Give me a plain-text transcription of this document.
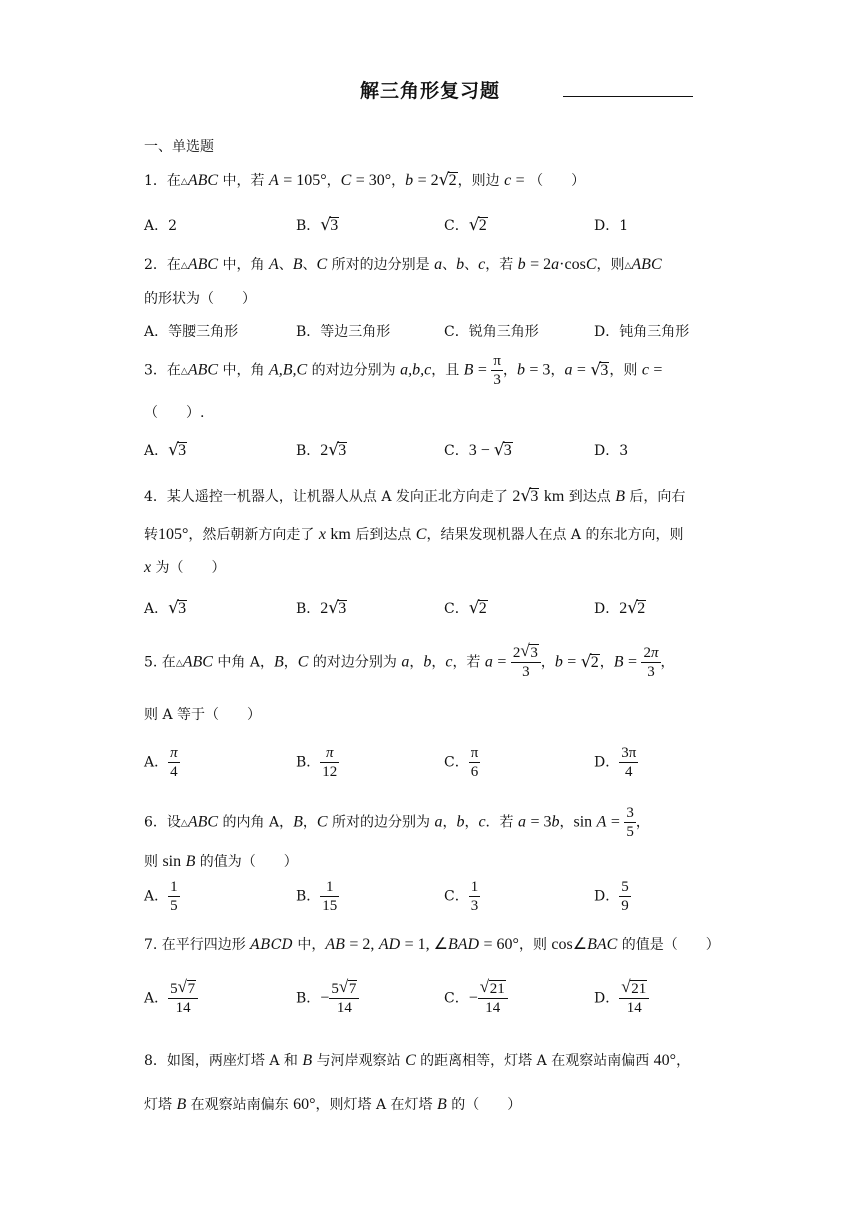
解三角形复习题
一、单选题
1．在△ABC 中，若 A = 105°，C = 30°，b = 2 √ 2，则边 c = （　　）
A．2	B． √ 3	C． √ 2	D．1
2．在△ABC 中，角 A、B、C 所对的边分别是 a、b、c，若 b = 2a·cosC，则△ABC
的形状为（　　）
A．等腰三角形	B．等边三角形	C．锐角三角形	D．钝角三角形
3．在△ABC 中，角 A,B,C 的对边分别为 a,b,c，且 $B = \frac{\pi}{3}$ ，b = 3，a = √ 3，则 c =
（　　）.
A． √ 3	B．2 √ 3	C．3 − √ 3	D．3
4．某人遥控一机器人，让机器人从点 A 发向正北方向走了 2 √ 3 km 到达点 B 后，向右
转105°，然后朝新方向走了 x km 后到达点 C，结果发现机器人在点 A 的东北方向，则
x 为（　　）
A． √ 3	B．2 √ 3	C． √ 2	D．2 √ 2
5. 在△ABC 中角 A，B，C 的对边分别为 a，b，c，若 $a = \frac{2 √ 3}{3}$ ，b = √ 2，$B = \frac{2\pi}{3}$ ，
则 A 等于（　　）
A． $\frac{\pi}{4}$	B． $\frac{\pi}{12}$	C． $\frac{\pi}{6}$	D． $\frac{3\pi}{4}$
6．设△ABC 的内角 A，B，C 所对的边分别为 a，b，c．若 a = 3b，$\sin A = \frac{3}{5}$ ，
则 sin B 的值为（　　）
A． $\frac{1}{5}$	B． $\frac{1}{15}$	C． $\frac{1}{3}$	D． $\frac{5}{9}$
7. 在平行四边形 ABCD 中，AB = 2, AD = 1, ∠BAD = 60°，则 cos∠BAC 的值是（　　）
A． $\frac{5 √ 7}{14}$	B．− $\frac{5 √ 7}{14}$	C．− √ $\frac{21}{14}$	D． √ $\frac{21}{14}$
8．如图，两座灯塔 A 和 B 与河岸观察站 C 的距离相等，灯塔 A 在观察站南偏西 40°，
灯塔 B 在观察站南偏东 60°，则灯塔 A 在灯塔 B 的（　　）
